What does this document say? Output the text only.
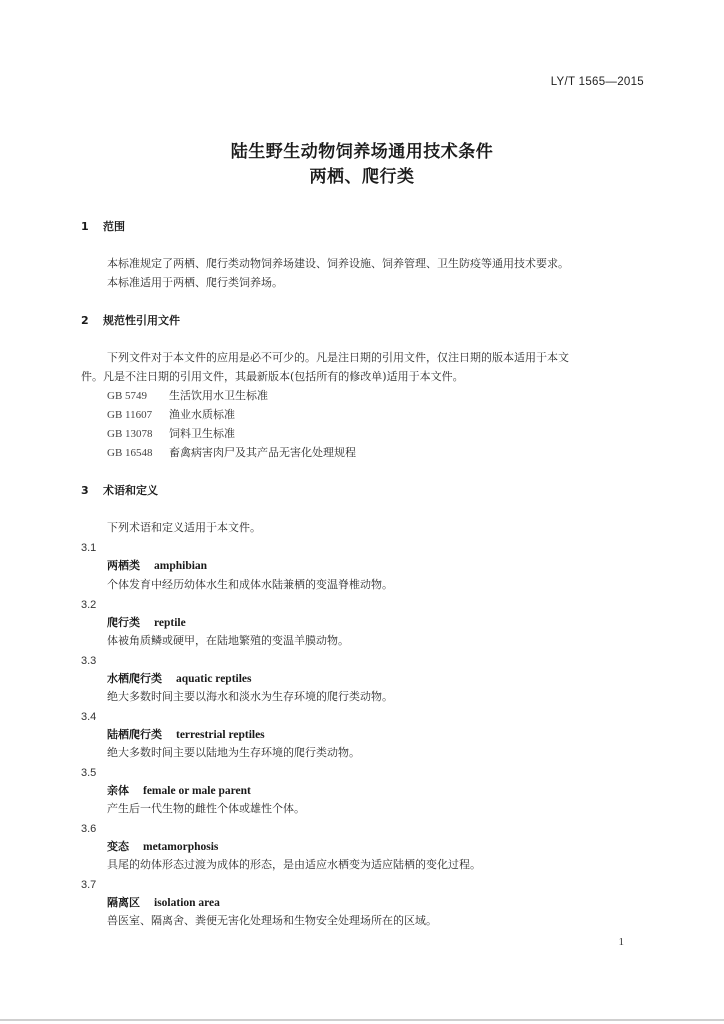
LY/T 1565—2015
陆生野生动物饲养场通用技术条件
两栖、爬行类
1 范围
本标准规定了两栖、爬行类动物饲养场建设、饲养设施、饲养管理、卫生防疫等通用技术要求。
本标准适用于两栖、爬行类饲养场。
2 规范性引用文件
下列文件对于本文件的应用是必不可少的。凡是注日期的引用文件，仅注日期的版本适用于本文
件。凡是不注日期的引用文件，其最新版本(包括所有的修改单)适用于本文件。
GB 5749 生活饮用水卫生标准
GB 11607 渔业水质标准
GB 13078 饲料卫生标准
GB 16548 畜禽病害肉尸及其产品无害化处理规程
3 术语和定义
下列术语和定义适用于本文件。
3.1
两栖类 amphibian
个体发育中经历幼体水生和成体水陆兼栖的变温脊椎动物。
3.2
爬行类 reptile
体被角质鳞或硬甲，在陆地繁殖的变温羊膜动物。
3.3
水栖爬行类 aquatic reptiles
绝大多数时间主要以海水和淡水为生存环境的爬行类动物。
3.4
陆栖爬行类 terrestrial reptiles
绝大多数时间主要以陆地为生存环境的爬行类动物。
3.5
亲体 female or male parent
产生后一代生物的雌性个体或雄性个体。
3.6
变态 metamorphosis
具尾的幼体形态过渡为成体的形态，是由适应水栖变为适应陆栖的变化过程。
3.7
隔离区 isolation area
兽医室、隔离舍、粪便无害化处理场和生物安全处理场所在的区域。
1
